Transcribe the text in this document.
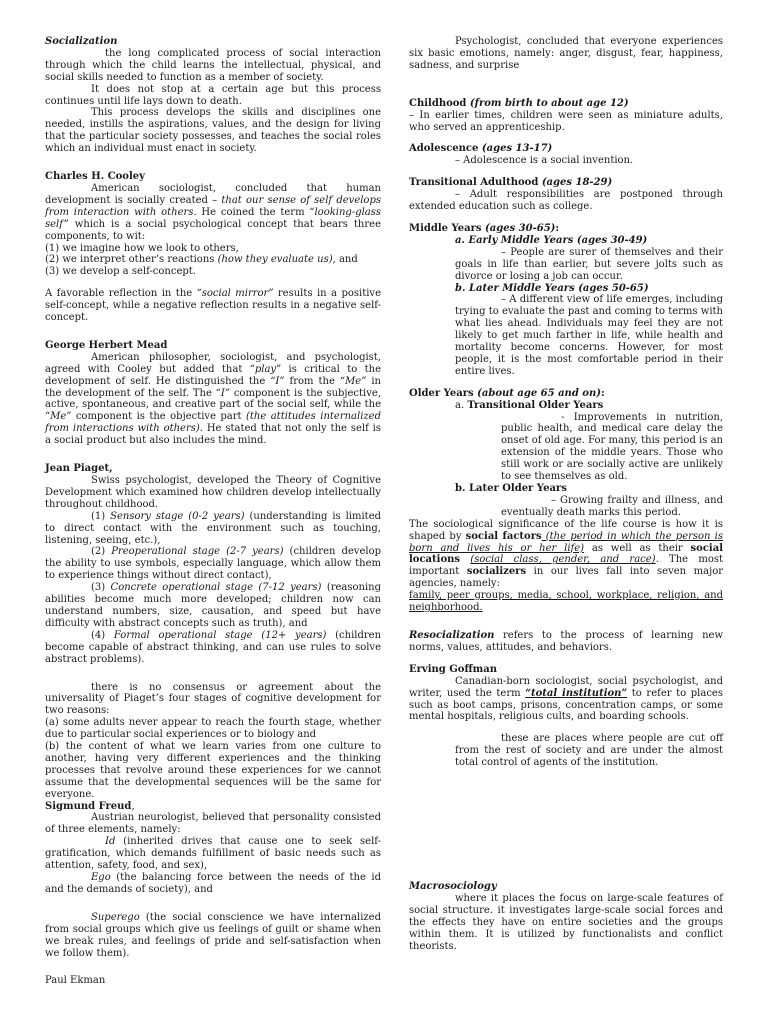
Socialization

the long complicated process of social interaction through which the child learns the intellectual, physical, and social skills needed to function as a member of society.

It does not stop at a certain age but this process continues until life lays down to death.

This process develops the skills and disciplines one needed, instills the aspirations, values, and the design for living that the particular society possesses, and teaches the social roles which an individual must enact in society.

Charles H. Cooley

American sociologist, concluded that human development is socially created – that our sense of self develops from interaction with others. He coined the term “looking-glass self” which is a social psychological concept that bears three components, to wit:

(1) we imagine how we look to others,

(2) we interpret other’s reactions (how they evaluate us), and

(3) we develop a self-concept.

A favorable reflection in the “social mirror” results in a positive self-concept, while a negative reflection results in a negative self-concept.

George Herbert Mead

American philosopher, sociologist, and psychologist, agreed with Cooley but added that “play” is critical to the development of self. He distinguished the “I” from the “Me” in the development of the self. The “I” component is the subjective, active, spontaneous, and creative part of the social self, while the “Me” component is the objective part (the attitudes internalized from interactions with others). He stated that not only the self is a social product but also includes the mind.

Jean Piaget,

Swiss psychologist, developed the Theory of Cognitive Development which examined how children develop intellectually throughout childhood.

(1) Sensory stage (0-2 years) (understanding is limited to direct contact with the environment such as touching, listening, seeing, etc.),

(2) Preoperational stage (2-7 years) (children develop the ability to use symbols, especially language, which allow them to experience things without direct contact),

(3) Concrete operational stage (7-12 years) (reasoning abilities become much more developed; children now can understand numbers, size, causation, and speed but have difficulty with abstract concepts such as truth), and

(4) Formal operational stage (12+ years) (children become capable of abstract thinking, and can use rules to solve abstract problems).

there is no consensus or agreement about the universality of Piaget’s four stages of cognitive development for two reasons:

(a) some adults never appear to reach the fourth stage, whether due to particular social experiences or to biology and

(b) the content of what we learn varies from one culture to another, having very different experiences and the thinking processes that revolve around these experiences for we cannot assume that the developmental sequences will be the same for everyone.

Sigmund Freud,

Austrian neurologist, believed that personality consisted of three elements, namely:

Id (inherited drives that cause one to seek self-gratification, which demands fulfillment of basic needs such as attention, safety, food, and sex),

Ego (the balancing force between the needs of the id and the demands of society), and

Superego (the social conscience we have internalized from social groups which give us feelings of guilt or shame when we break rules, and feelings of pride and self-satisfaction when we follow them).

Paul Ekman

Psychologist, concluded that everyone experiences six basic emotions, namely: anger, disgust, fear, happiness, sadness, and surprise

Childhood (from birth to about age 12)

– In earlier times, children were seen as miniature adults, who served an apprenticeship.

Adolescence (ages 13-17)

– Adolescence is a social invention.

Transitional Adulthood (ages 18-29)

– Adult responsibilities are postponed through extended education such as college.

Middle Years (ages 30-65):

a. Early Middle Years (ages 30-49)

– People are surer of themselves and their goals in life than earlier, but severe jolts such as divorce or losing a job can occur.

b. Later Middle Years (ages 50-65)

– A different view of life emerges, including trying to evaluate the past and coming to terms with what lies ahead. Individuals may feel they are not likely to get much farther in life, while health and mortality become concerns. However, for most people, it is the most comfortable period in their entire lives.

Older Years (about age 65 and on):

a. Transitional Older Years

- Improvements in nutrition, public health, and medical care delay the onset of old age. For many, this period is an extension of the middle years. Those who still work or are socially active are unlikely to see themselves as old.

b. Later Older Years

– Growing frailty and illness, and eventually death marks this period.

The sociological significance of the life course is how it is shaped by social factors (the period in which the person is born and lives his or her life) as well as their social locations (social class, gender, and race). The most important socializers in our lives fall into seven major agencies, namely:

family, peer groups, media, school, workplace, religion, and neighborhood.

Resocialization refers to the process of learning new norms, values, attitudes, and behaviors.

Erving Goffman

Canadian-born sociologist, social psychologist, and writer, used the term “total institution” to refer to places such as boot camps, prisons, concentration camps, or some mental hospitals, religious cults, and boarding schools.

these are places where people are cut off from the rest of society and are under the almost total control of agents of the institution.

Macrosociology

where it places the focus on large-scale features of social structure. it investigates large-scale social forces and the effects they have on entire societies and the groups within them. It is utilized by functionalists and conflict theorists.
